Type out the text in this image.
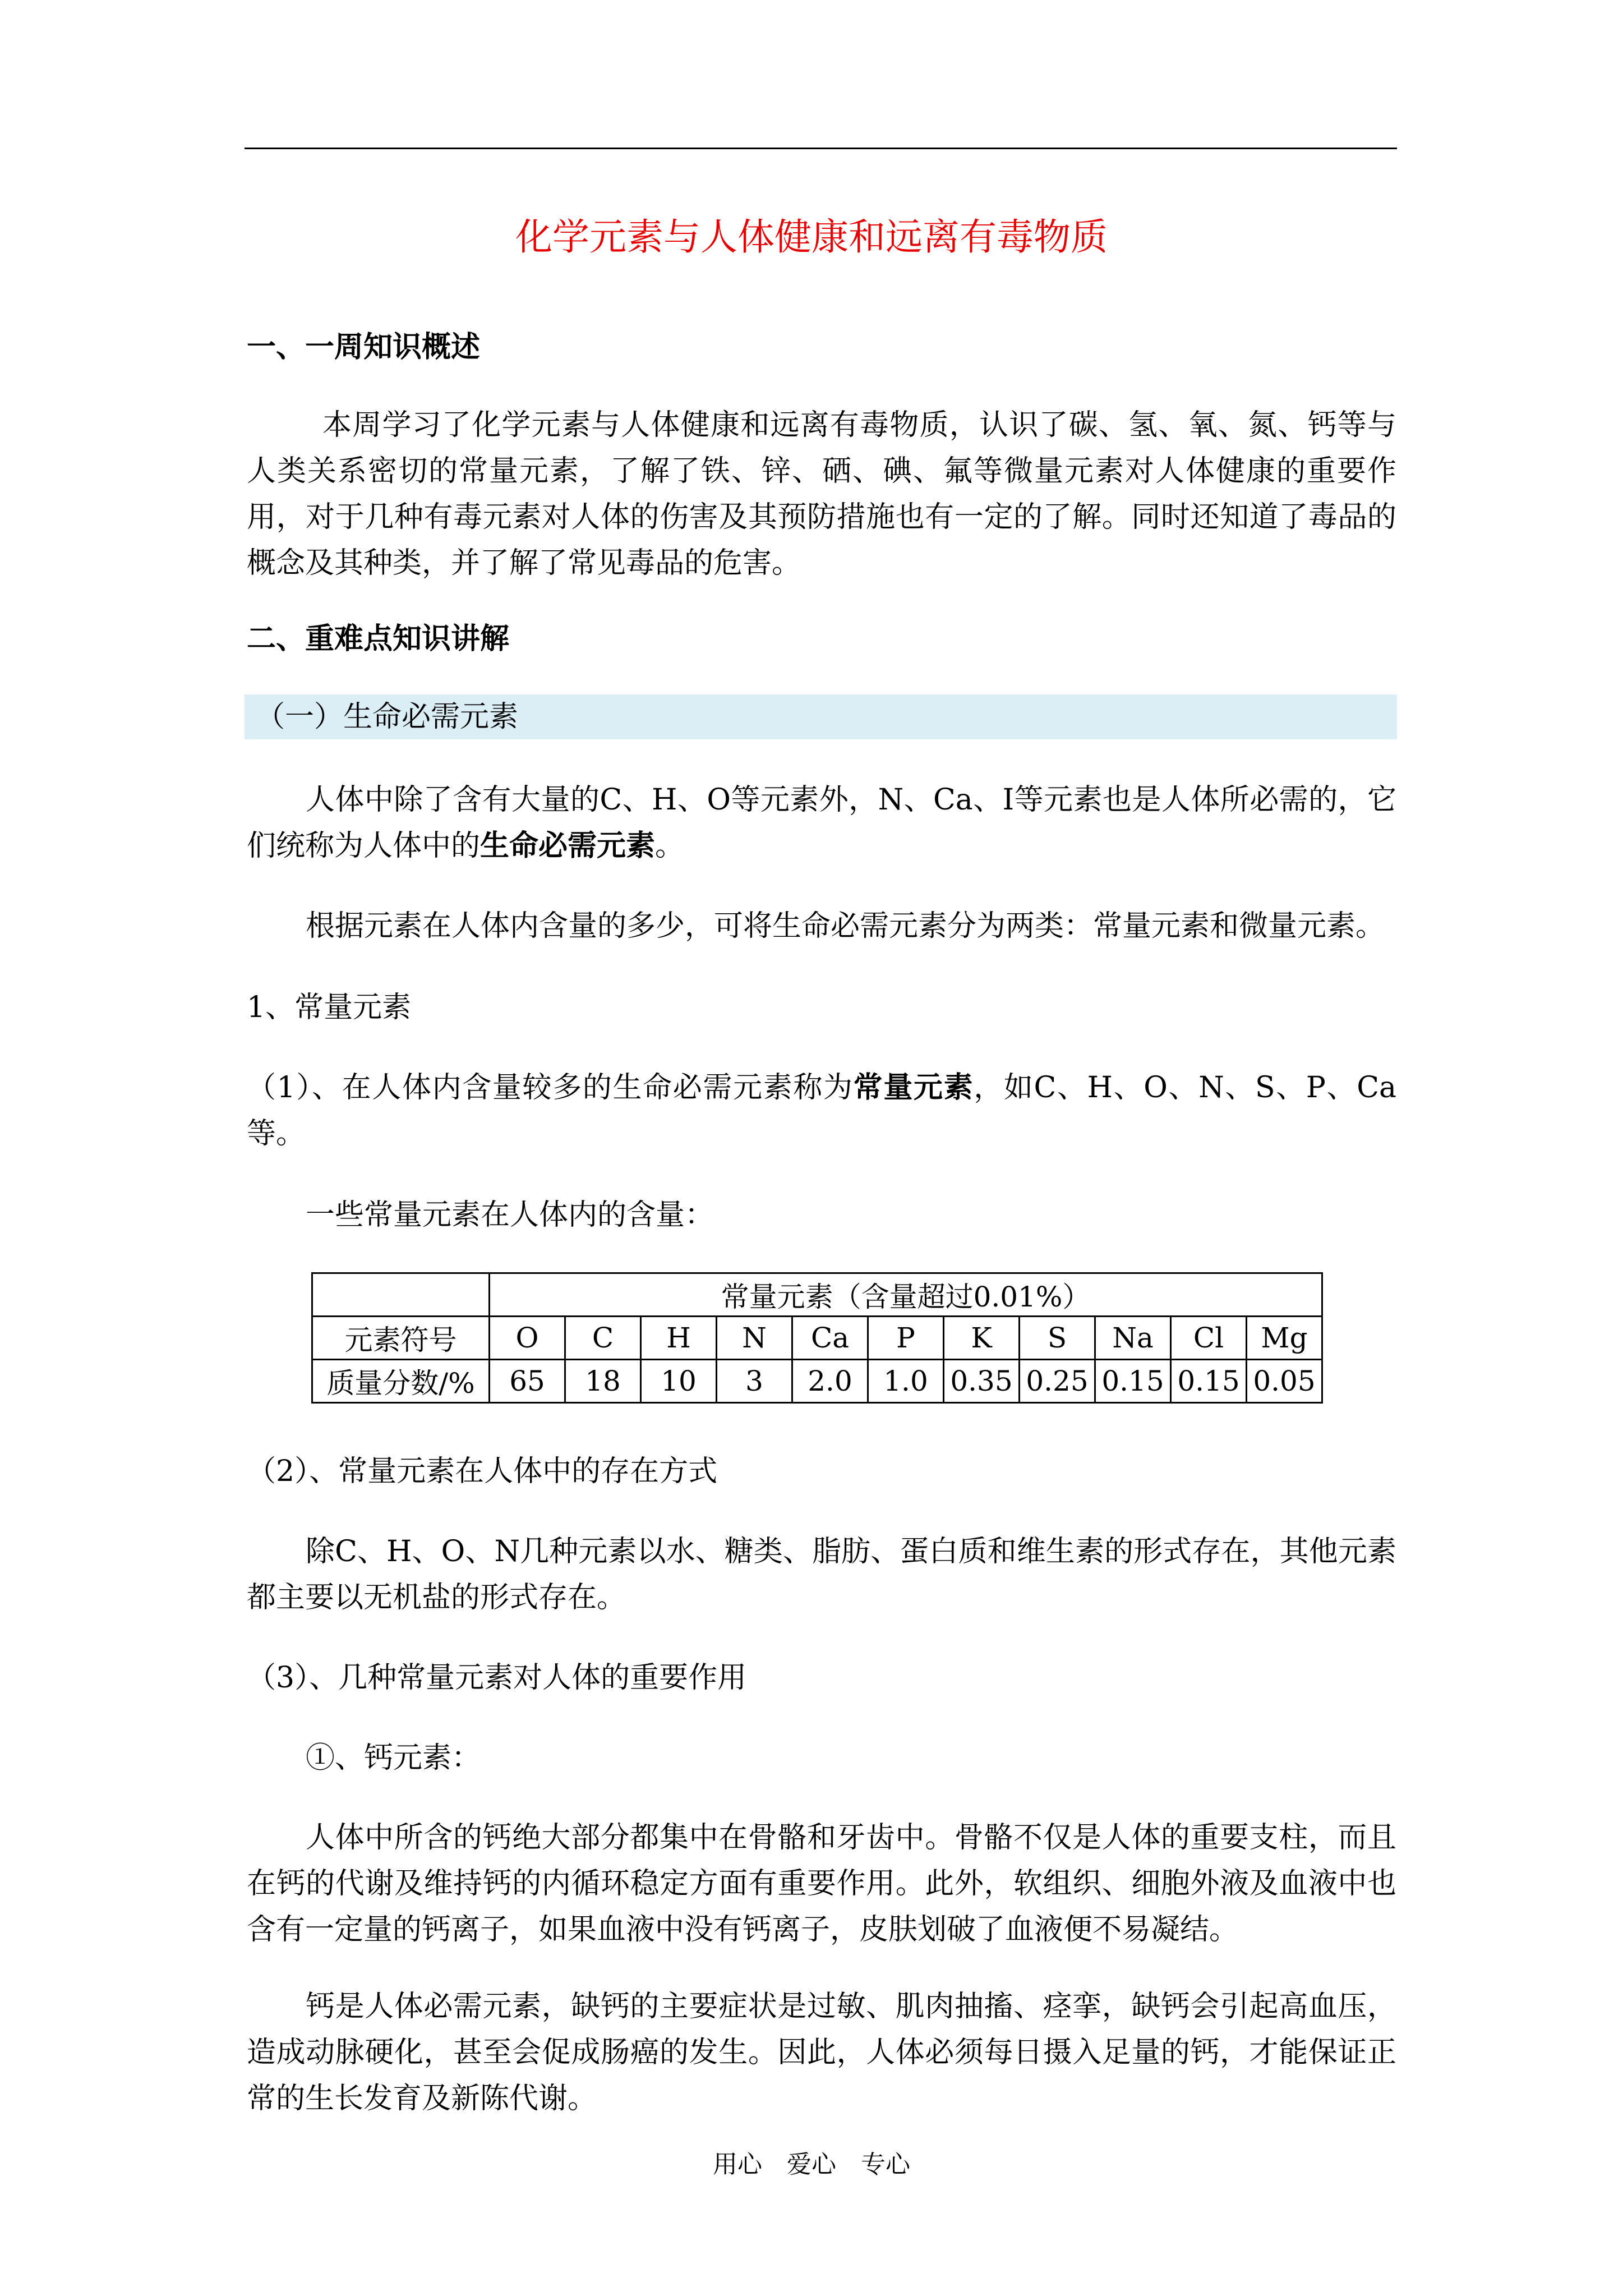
化学元素与人体健康和远离有毒物质
一、一周知识概述
本周学习了化学元素与人体健康和远离有毒物质，认识了碳、氢、氧、氮、钙等与人类关系密切的常量元素，了解了铁、锌、硒、碘、氟等微量元素对人体健康的重要作用，对于几种有毒元素对人体的伤害及其预防措施也有一定的了解。同时还知道了毒品的概念及其种类，并了解了常见毒品的危害。
二、重难点知识讲解
（一）生命必需元素
人体中除了含有大量的C、H、O等元素外，N、Ca、I等元素也是人体所必需的，它们统称为人体中的生命必需元素。
根据元素在人体内含量的多少，可将生命必需元素分为两类：常量元素和微量元素。
1、常量元素
（1）、在人体内含量较多的生命必需元素称为常量元素，如C、H、O、N、S、P、Ca等。
一些常量元素在人体内的含量：
	常量元素（含量超过0.01%）										
元素符号	O	C	H	N	Ca	P	K	S	Na	Cl	Mg
质量分数/%	65	18	10	3	2.0	1.0	0.35	0.25	0.15	0.15	0.05
（2）、常量元素在人体中的存在方式
除C、H、O、N几种元素以水、糖类、脂肪、蛋白质和维生素的形式存在，其他元素都主要以无机盐的形式存在。
（3）、几种常量元素对人体的重要作用
①、钙元素：
人体中所含的钙绝大部分都集中在骨骼和牙齿中。骨骼不仅是人体的重要支柱，而且在钙的代谢及维持钙的内循环稳定方面有重要作用。此外，软组织、细胞外液及血液中也含有一定量的钙离子，如果血液中没有钙离子，皮肤划破了血液便不易凝结。
钙是人体必需元素，缺钙的主要症状是过敏、肌肉抽搐、痉挛，缺钙会引起高血压，造成动脉硬化，甚至会促成肠癌的发生。因此，人体必须每日摄入足量的钙，才能保证正常的生长发育及新陈代谢。
用心 爱心 专心
